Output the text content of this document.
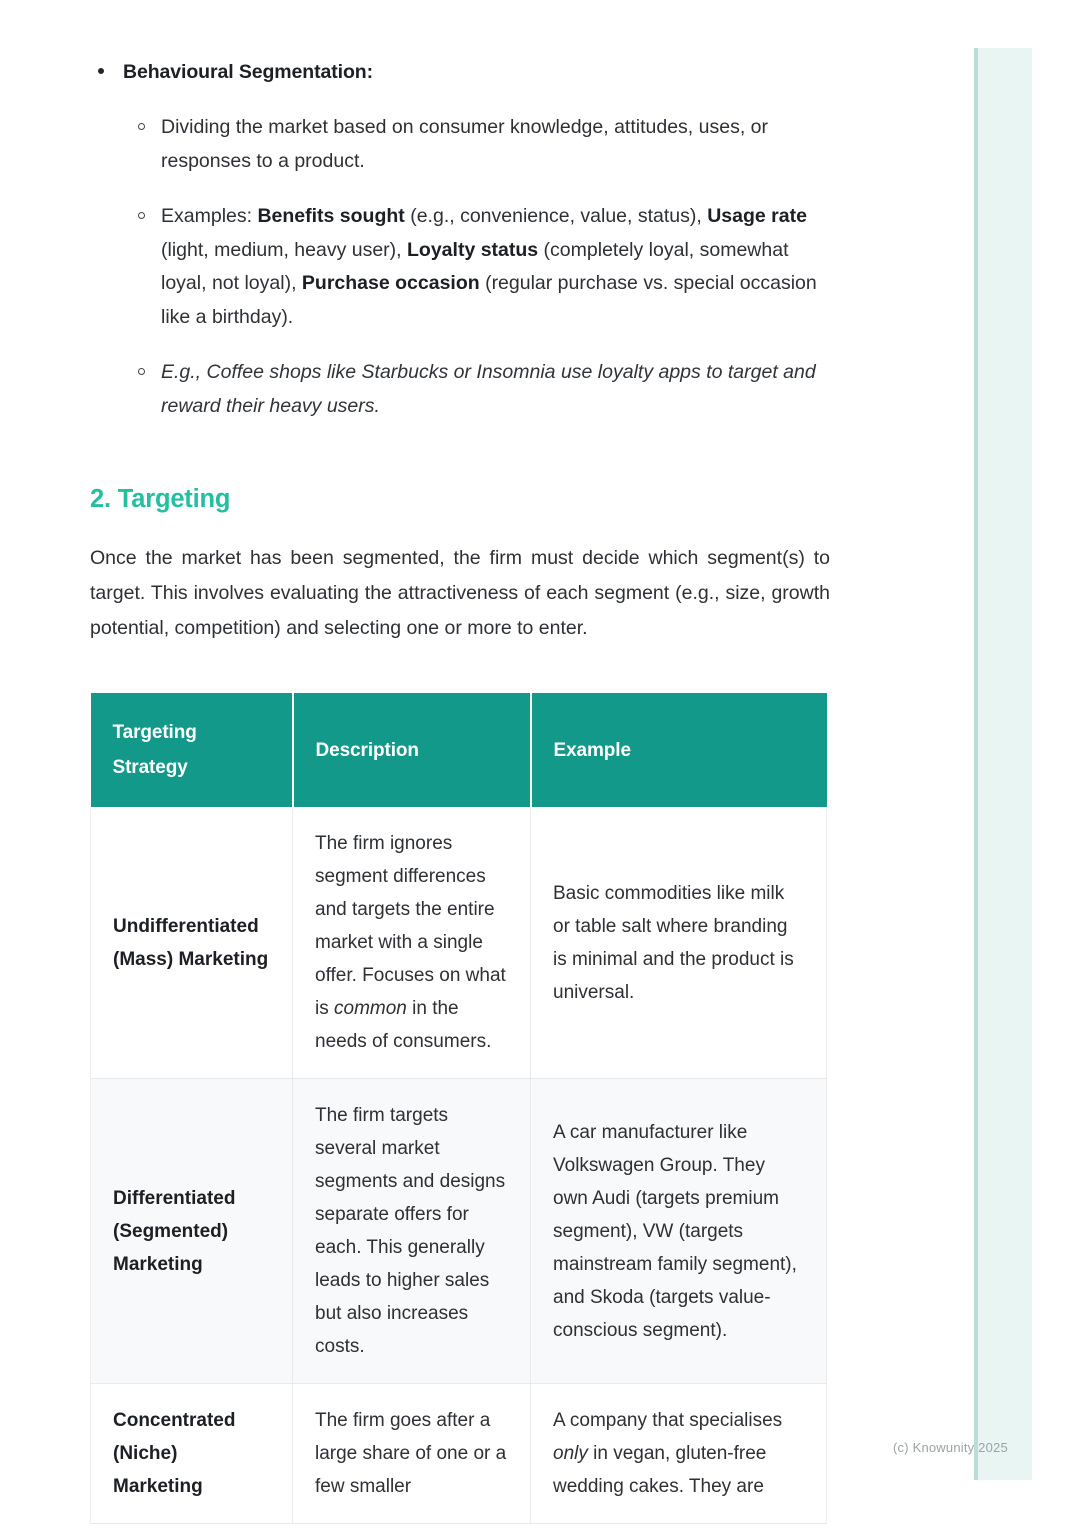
(c) Knowunity 2025
Behavioural Segmentation:
Dividing the market based on consumer knowledge, attitudes, uses, or responses to a product.
Examples: Benefits sought (e.g., convenience, value, status), Usage rate (light, medium, heavy user), Loyalty status (completely loyal, somewhat loyal, not loyal), Purchase occasion (regular purchase vs. special occasion like a birthday).
E.g., Coffee shops like Starbucks or Insomnia use loyalty apps to target and reward their heavy users.
2. Targeting

Once the market has been segmented, the firm must decide which segment(s) to target. This involves evaluating the attractiveness of each segment (e.g., size, growth potential, competition) and selecting one or more to enter.

Targeting
Strategy	Description	Example
Undifferentiated (Mass) Marketing	The firm ignores segment differences and targets the entire market with a single offer. Focuses on what is common in the needs of consumers.	Basic commodities like milk or table salt where branding is minimal and the product is universal.
Differentiated (Segmented) Marketing	The firm targets several market segments and designs separate offers for each. This generally leads to higher sales but also increases costs.	A car manufacturer like Volkswagen Group. They own Audi (targets premium segment), VW (targets mainstream family segment), and Skoda (targets value-conscious segment).
Concentrated (Niche) Marketing	The firm goes after a large share of one or a few smaller	A company that specialises only in vegan, gluten-free wedding cakes. They are
